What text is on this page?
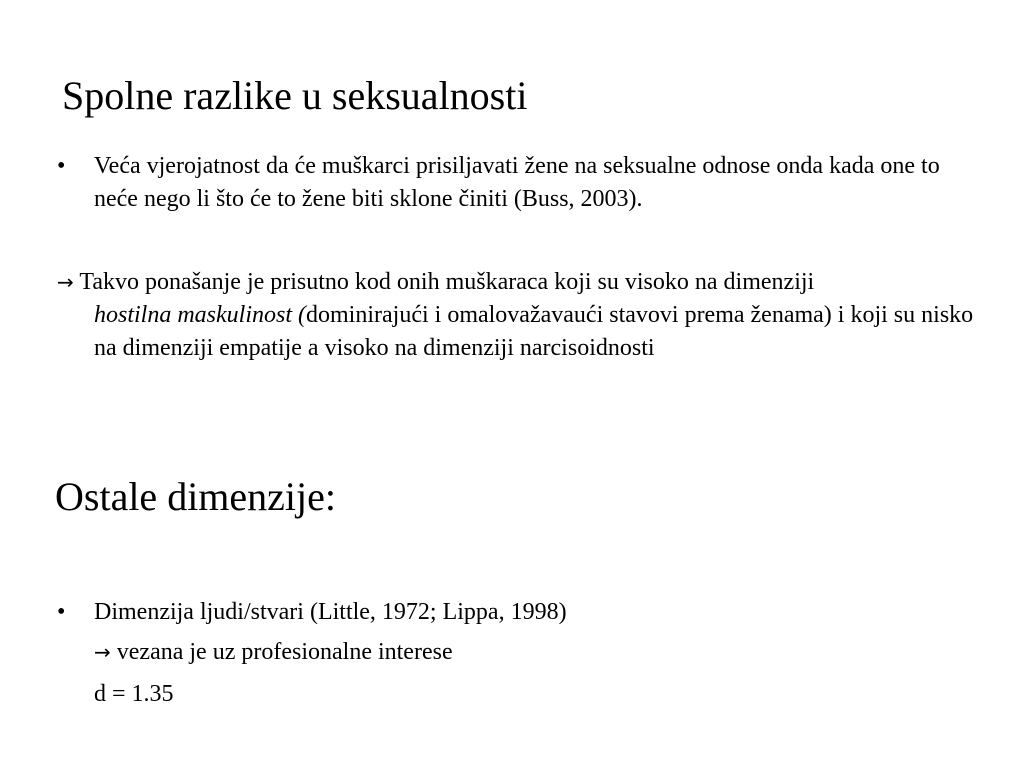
Spolne razlike u seksualnosti
• Veća vjerojatnost da će muškarci prisiljavati žene na seksualne odnose onda kada one to neće nego li što će to žene biti sklone činiti (Buss, 2003).
→ Takvo ponašanje je prisutno kod onih muškaraca koji su visoko na dimenziji
hostilna maskulinost (dominirajući i omalovažavaući stavovi prema ženama) i koji su nisko na dimenziji empatije a visoko na dimenziji narcisoidnosti
Ostale dimenzije:
• Dimenzija ljudi/stvari (Little, 1972; Lippa, 1998)
→ vezana je uz profesionalne interese
d = 1.35
